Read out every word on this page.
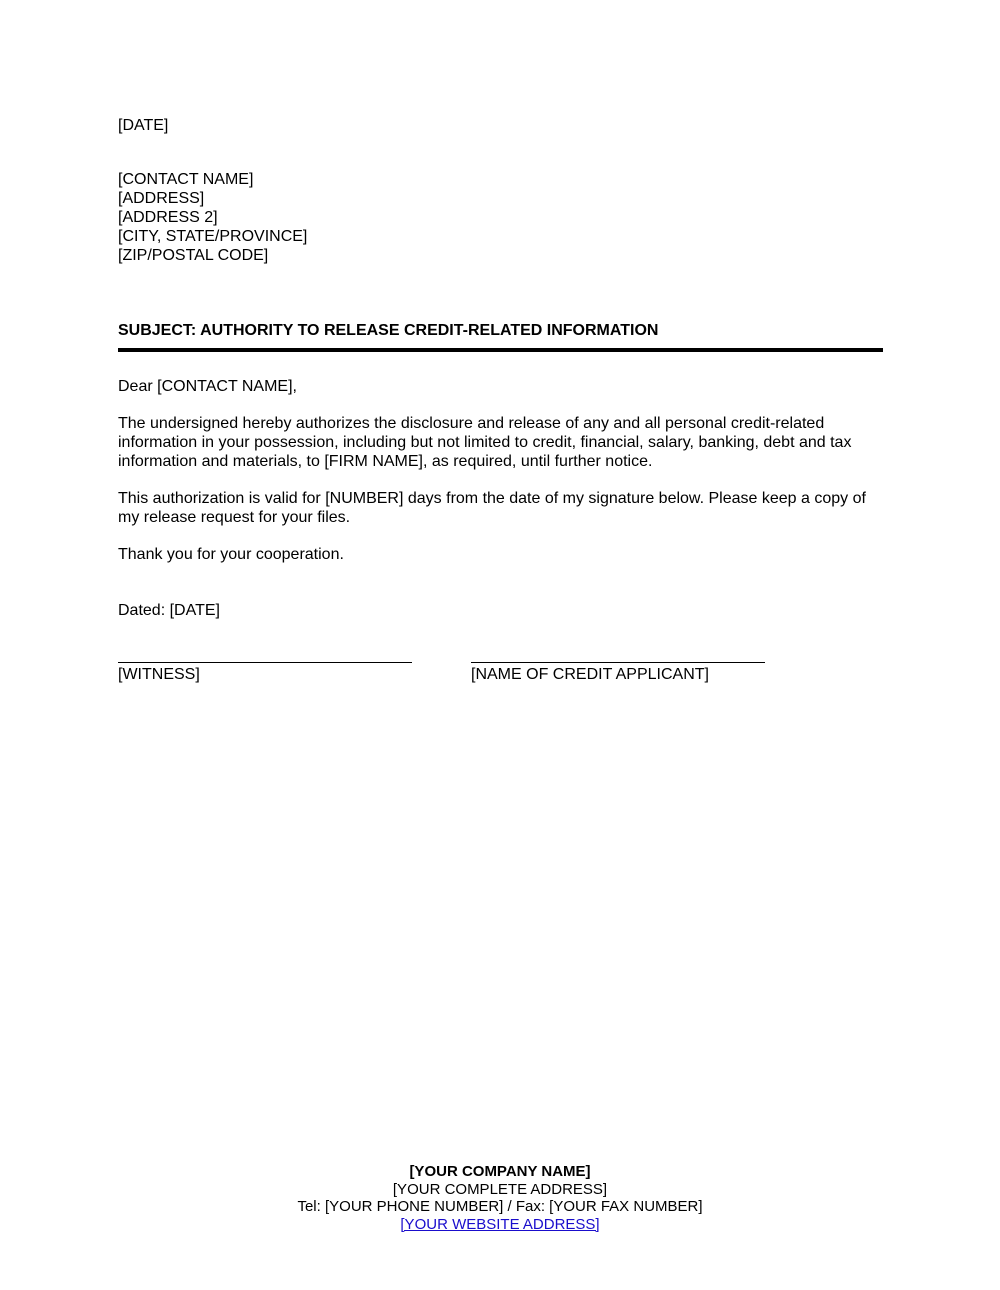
[DATE]
[CONTACT NAME]
[ADDRESS]
[ADDRESS 2]
[CITY, STATE/PROVINCE]
[ZIP/POSTAL CODE]
SUBJECT: AUTHORITY TO RELEASE CREDIT-RELATED INFORMATION
Dear [CONTACT NAME],
The undersigned hereby authorizes the disclosure and release of any and all personal credit-related information in your possession, including but not limited to credit, financial, salary, banking, debt and tax information and materials, to [FIRM NAME], as required, until further notice.
This authorization is valid for [NUMBER] days from the date of my signature below. Please keep a copy of my release request for your files.
Thank you for your cooperation.
Dated: [DATE]
[WITNESS]	[NAME OF CREDIT APPLICANT]
[YOUR COMPANY NAME]
[YOUR COMPLETE ADDRESS]
Tel: [YOUR PHONE NUMBER] / Fax: [YOUR FAX NUMBER]
[YOUR WEBSITE ADDRESS]
